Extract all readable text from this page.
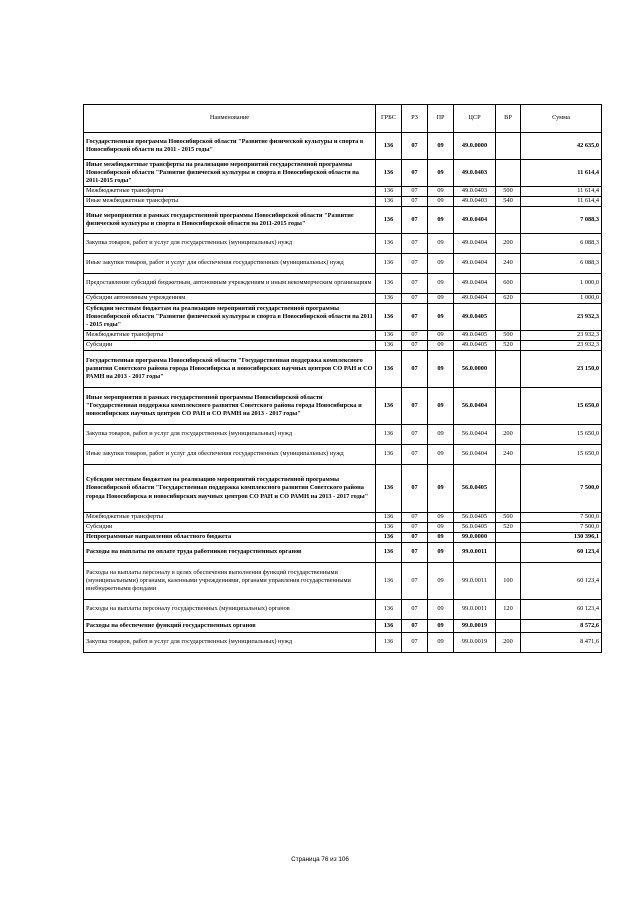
Наименование	ГРБС	РЗ	ПР	ЦСР	ВР	Сумма
Государственная программа Новосибирской области "Развитие физической культуры и спорта в Новосибирской области на 2011 - 2015 годы"	136	07	09	49.0.0000		42 635,0
Иные межбюджетные трансферты на реализацию мероприятий государственной программы Новосибирской области "Развитие физической культуры и спорта в Новосибирской области на 2011-2015 годы"	136	07	09	49.0.0403		11 614,4
Межбюджетные трансферты	136	07	09	49.0.0403	500	11 614,4
Иные межбюджетные трансферты	136	07	09	49.0.0403	540	11 614,4
Иные мероприятия в рамках государственной программы Новосибирской области "Развитие физической культуры и спорта в Новосибирской области на 2011-2015 годы"	136	07	09	49.0.0404		7 088,3
Закупка товаров, работ и услуг для государственных (муниципальных) нужд	136	07	09	49.0.0404	200	6 088,3
Иные закупки товаров, работ и услуг для обеспечения государственных (муниципальных) нужд	136	07	09	49.0.0404	240	6 088,3
Предоставление субсидий бюджетным, автономным учреждениям и иным некоммерческим организациям	136	07	09	49.0.0404	600	1 000,0
Субсидии автономным учреждениям	136	07	09	49.0.0404	620	1 000,0
Субсидии местным бюджетам на реализацию мероприятий государственной программы Новосибирской области "Развитие физической культуры и спорта в Новосибирской области на 2011 - 2015 годы"	136	07	09	49.0.0405		23 932,3
Межбюджетные трансферты	136	07	09	49.0.0405	500	23 932,3
Субсидии	136	07	09	49.0.0405	520	23 932,3
Государственная программа Новосибирской области "Государственная поддержка комплексного развития Советского района города Новосибирска и новосибирских научных центров СО РАН и СО РАМН на 2013 - 2017 годы"	136	07	09	56.0.0000		23 150,0
Иные мероприятия в рамках государственной программы Новосибирской области "Государственная поддержка комплексного развития Советского района города Новосибирска и новосибирских научных центров СО РАН и СО РАМН на 2013 - 2017 годы"	136	07	09	56.0.0404		15 650,0
Закупка товаров, работ и услуг для государственных (муниципальных) нужд	136	07	09	56.0.0404	200	15 650,0
Иные закупки товаров, работ и услуг для обеспечения государственных (муниципальных) нужд	136	07	09	56.0.0404	240	15 650,0
Субсидии местным бюджетам на реализацию мероприятий государственной программы Новосибирской области "Государственная поддержка комплексного развития Советского района города Новосибирска и новосибирских научных центров СО РАН и СО РАМН на 2013 - 2017 годы"	136	07	09	56.0.0405		7 500,0
Межбюджетные трансферты	136	07	09	56.0.0405	500	7 500,0
Субсидии	136	07	09	56.0.0405	520	7 500,0
Непрограммные направления областного бюджета	136	07	09	99.0.0000		130 396,1
Расходы на выплаты по оплате труда работников государственных органов	136	07	09	99.0.0011		60 123,4
Расходы на выплаты персоналу в целях обеспечения выполнения функций государственными (муниципальными) органами, казенными учреждениями, органами управления государственными внебюджетными фондами	136	07	09	99.0.0011	100	60 123,4
Расходы на выплаты персоналу государственных (муниципальных) органов	136	07	09	99.0.0011	120	60 123,4
Расходы на обеспечение функций государственных органов	136	07	09	99.0.0019		8 572,6
Закупка товаров, работ и услуг для государственных (муниципальных) нужд	136	07	09	99.0.0019	200	8 471,6
Страница 76 из 106
